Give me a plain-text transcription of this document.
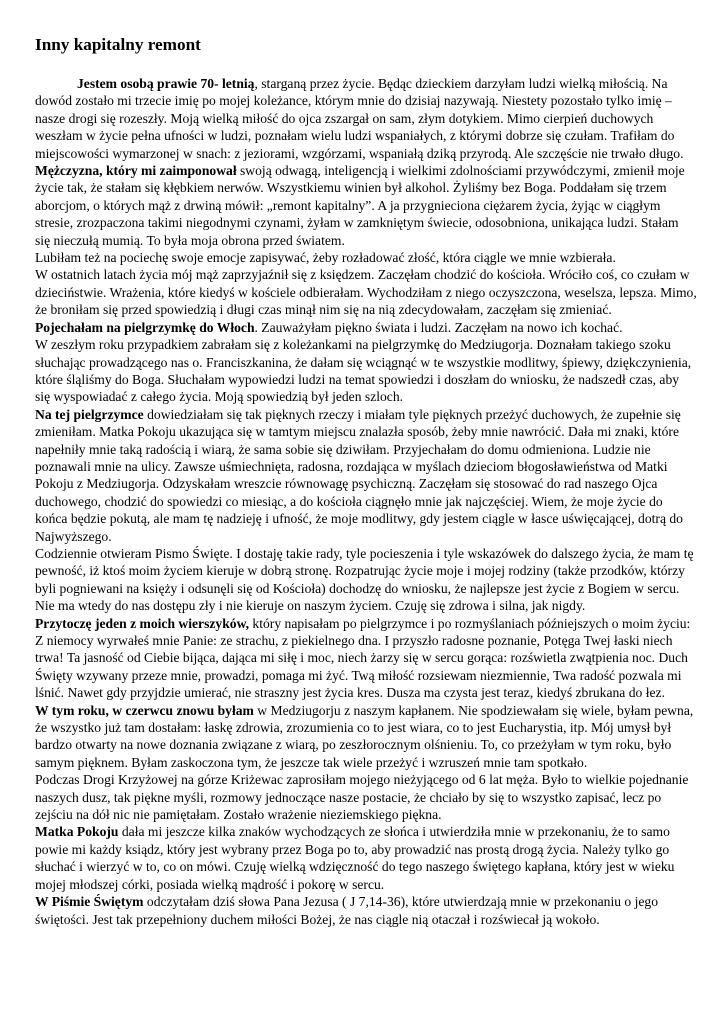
Inny kapitalny remont

Jestem osobą prawie 70- letnią, starganą przez życie. Będąc dzieckiem darzyłam ludzi wielką miłością. Na dowód zostało mi trzecie imię po mojej koleżance, którym mnie do dzisiaj nazywają. Niestety pozostało tylko imię – nasze drogi się rozeszły. Moją wielką miłość do ojca zszargał on sam, złym dotykiem. Mimo cierpień duchowych weszłam w życie pełna ufności w ludzi, poznałam wielu ludzi wspaniałych, z którymi dobrze się czułam. Trafiłam do miejscowości wymarzonej w snach: z jeziorami, wzgórzami, wspaniałą dziką przyrodą. Ale szczęście nie trwało długo.

Mężczyzna, który mi zaimponował swoją odwagą, inteligencją i wielkimi zdolnościami przywódczymi, zmienił moje życie tak, że stałam się kłębkiem nerwów. Wszystkiemu winien był alkohol. Żyliśmy bez Boga. Poddałam się trzem aborcjom, o których mąż z drwiną mówił: „remont kapitalny”. A ja przygnieciona ciężarem życia, żyjąc w ciągłym stresie, zrozpaczona takimi niegodnymi czynami, żyłam w zamkniętym świecie, odosobniona, unikająca ludzi. Stałam się nieczułą mumią. To była moja obrona przed światem.

Lubiłam też na pociechę swoje emocje zapisywać, żeby rozładować złość, która ciągle we mnie wzbierała.

W ostatnich latach życia mój mąż zaprzyjaźnił się z księdzem. Zaczęłam chodzić do kościoła. Wróciło coś, co czułam w dzieciństwie. Wrażenia, które kiedyś w kościele odbierałam. Wychodziłam z niego oczyszczona, weselsza, lepsza. Mimo, że broniłam się przed spowiedzią i długi czas minął nim się na nią zdecydowałam, zaczęłam się zmieniać.

Pojechałam na pielgrzymkę do Włoch. Zauważyłam piękno świata i ludzi. Zaczęłam na nowo ich kochać.

W zeszłym roku przypadkiem zabrałam się z koleżankami na pielgrzymkę do Medziugorja. Doznałam takiego szoku słuchając prowadzącego nas o. Franciszkanina, że dałam się wciągnąć w te wszystkie modlitwy, śpiewy, dziękczynienia, które śląliśmy do Boga. Słuchałam wypowiedzi ludzi na temat spowiedzi i doszłam do wniosku, że nadszedł czas, aby się wyspowiadać z całego życia. Moją spowiedzią był jeden szloch.

Na tej pielgrzymce dowiedziałam się tak pięknych rzeczy i miałam tyle pięknych przeżyć duchowych, że zupełnie się zmieniłam. Matka Pokoju ukazująca się w tamtym miejscu znalazła sposób, żeby mnie nawrócić. Dała mi znaki, które napełniły mnie taką radością i wiarą, że sama sobie się dziwiłam. Przyjechałam do domu odmieniona. Ludzie nie poznawali mnie na ulicy. Zawsze uśmiechnięta, radosna, rozdająca w myślach dzieciom błogosławieństwa od Matki Pokoju z Medziugorja. Odzyskałam wreszcie równowagę psychiczną. Zaczęłam się stosować do rad naszego Ojca duchowego, chodzić do spowiedzi co miesiąc, a do kościoła ciągnęło mnie jak najczęściej. Wiem, że moje życie do końca będzie pokutą, ale mam tę nadzieję i ufność, że moje modlitwy, gdy jestem ciągle w łasce uświęcającej, dotrą do Najwyższego.

Codziennie otwieram Pismo Święte. I dostaję takie rady, tyle pocieszenia i tyle wskazówek do dalszego życia, że mam tę pewność, iż ktoś moim życiem kieruje w dobrą stronę. Rozpatrując życie moje i mojej rodziny (także przodków, którzy byli pogniewani na księży i odsunęli się od Kościoła) dochodzę do wniosku, że najlepsze jest życie z Bogiem w sercu. Nie ma wtedy do nas dostępu zły i nie kieruje on naszym życiem. Czuję się zdrowa i silna, jak nigdy.

Przytoczę jeden z moich wierszyków, który napisałam po pielgrzymce i po rozmyślaniach późniejszych o moim życiu: Z niemocy wyrwałeś mnie Panie: ze strachu, z piekielnego dna. I przyszło radosne poznanie, Potęga Twej łaski niech trwa! Ta jasność od Ciebie bijąca, dająca mi siłę i moc, niech żarzy się w sercu gorąca: rozświetla zwątpienia noc. Duch Święty wzywany przeze mnie, prowadzi, pomaga mi żyć. Twą miłość rozsiewam niezmiennie, Twa radość pozwala mi lśnić. Nawet gdy przyjdzie umierać, nie straszny jest życia kres. Dusza ma czysta jest teraz, kiedyś zbrukana do łez.

W tym roku, w czerwcu znowu byłam w Medziugorju z naszym kapłanem. Nie spodziewałam się wiele, byłam pewna, że wszystko już tam dostałam: łaskę zdrowia, zrozumienia co to jest wiara, co to jest Eucharystia, itp. Mój umysł był bardzo otwarty na nowe doznania związane z wiarą, po zeszłorocznym olśnieniu. To, co przeżyłam w tym roku, było samym pięknem. Byłam zaskoczona tym, że jeszcze tak wiele przeżyć i wzruszeń mnie tam spotkało.

Podczas Drogi Krzyżowej na górze Kriżewac zaprosiłam mojego nieżyjącego od 6 lat męża. Było to wielkie pojednanie naszych dusz, tak piękne myśli, rozmowy jednoczące nasze postacie, że chciało by się to wszystko zapisać, lecz po zejściu na dół nic nie pamiętałam. Zostało wrażenie nieziemskiego piękna.

Matka Pokoju dała mi jeszcze kilka znaków wychodzących ze słońca i utwierdziła mnie w przekonaniu, że to samo powie mi każdy ksiądz, który jest wybrany przez Boga po to, aby prowadzić nas prostą drogą życia. Należy tylko go słuchać i wierzyć w to, co on mówi. Czuję wielką wdzięczność do tego naszego świętego kapłana, który jest w wieku mojej młodszej córki, posiada wielką mądrość i pokorę w sercu.

W Piśmie Świętym odczytałam dziś słowa Pana Jezusa ( J 7,14-36), które utwierdzają mnie w przekonaniu o jego świętości. Jest tak przepełniony duchem miłości Bożej, że nas ciągle nią otaczał i rozświecał ją wokoło.
